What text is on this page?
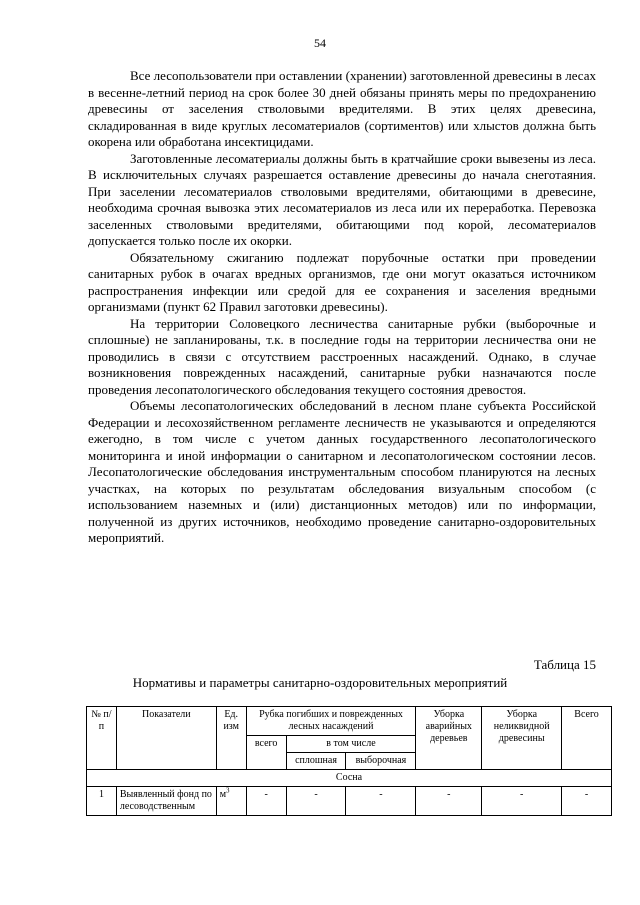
54

Все лесопользователи при оставлении (хранении) заготовленной древесины в лесах в весенне-летний период на срок более 30 дней обязаны принять меры по предохранению древесины от заселения стволовыми вредителями. В этих целях древесина, складированная в виде круглых лесоматериалов (сортиментов) или хлыстов должна быть окорена или обработана инсектицидами.

Заготовленные лесоматериалы должны быть в кратчайшие сроки вывезены из леса. В исключительных случаях разрешается оставление древесины до начала снеготаяния. При заселении лесоматериалов стволовыми вредителями, обитающими в древесине, необходима срочная вывозка этих лесоматериалов из леса или их переработка. Перевозка заселенных стволовыми вредителями, обитающими под корой, лесоматериалов допускается только после их окорки.

Обязательному сжиганию подлежат порубочные остатки при проведении санитарных рубок в очагах вредных организмов, где они могут оказаться источником распространения инфекции или средой для ее сохранения и заселения вредными организмами (пункт 62 Правил заготовки древесины).

На территории Соловецкого лесничества санитарные рубки (выборочные и сплошные) не запланированы, т.к. в последние годы на территории лесничества они не проводились в связи с отсутствием расстроенных насаждений. Однако, в случае возникновения поврежденных насаждений, санитарные рубки назначаются после проведения лесопатологического обследования текущего состояния древостоя.

Объемы лесопатологических обследований в лесном плане субъекта Российской Федерации и лесохозяйственном регламенте лесничеств не указываются и определяются ежегодно, в том числе с учетом данных государственного лесопатологического мониторинга и иной информации о санитарном и лесопатологическом состоянии лесов. Лесопатологические обследования инструментальным способом планируются на лесных участках, на которых по результатам обследования визуальным способом (с использованием наземных и (или) дистанционных методов) или по информации, полученной из других источников, необходимо проведение санитарно-оздоровительных мероприятий.

Таблица 15
Нормативы и параметры санитарно-оздоровительных мероприятий
№ п/п	Показатели	Ед. изм	Рубка погибших и поврежденных лесных насаждений			Уборка аварийных деревьев	Уборка неликвидной древесины	Всего
			всего	в том числе				
				сплошная	выборочная			
Сосна								
1	Выявленный фонд по лесоводственным	$м^3$	-	-	-	-	-	-
